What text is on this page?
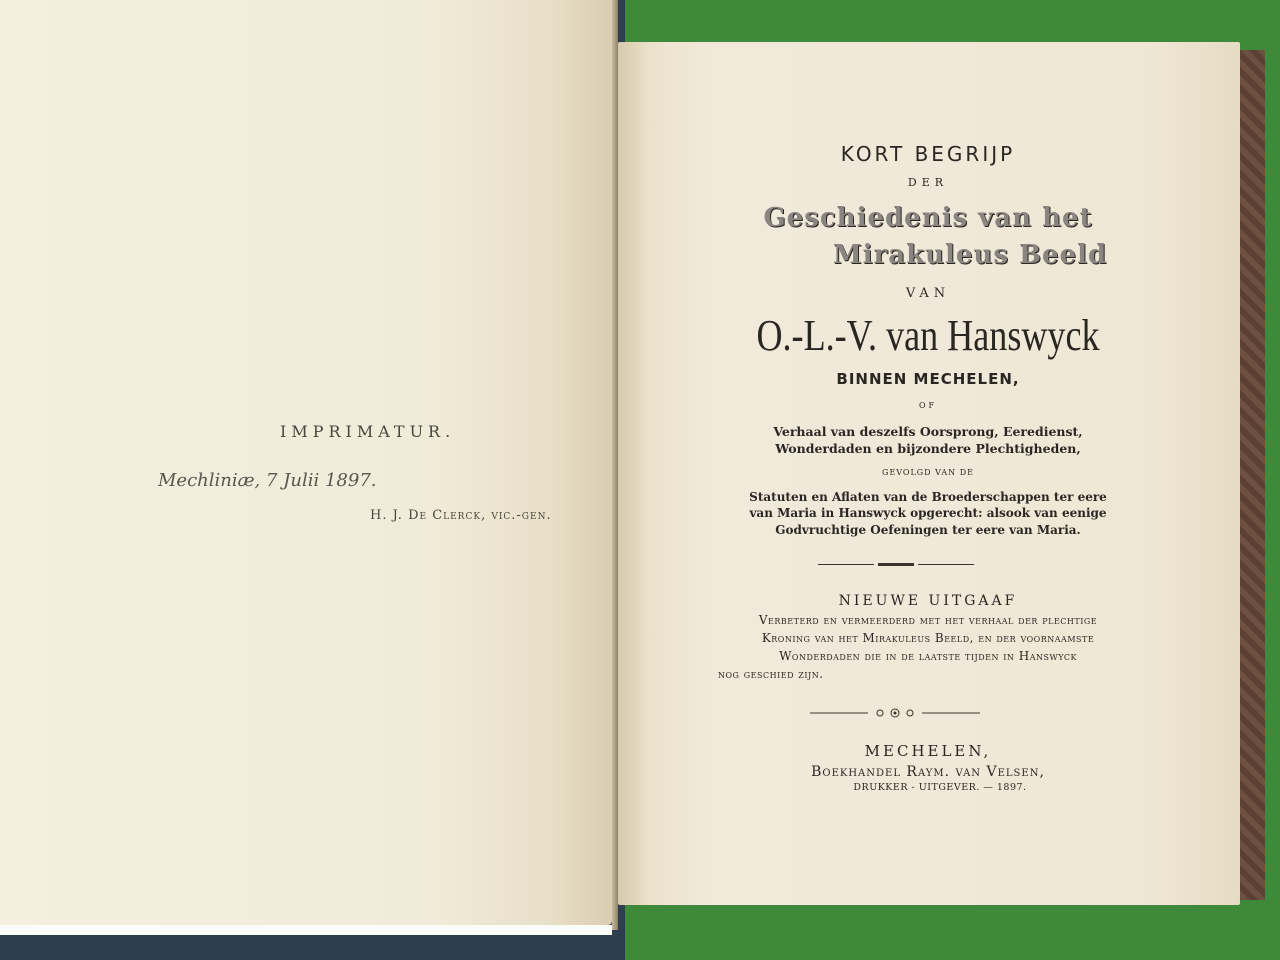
IMPRIMATUR.
Mechliniæ, 7 Julii 1897.
H. J. De Clerck, vic.-gen.
KORT BEGRIJP
DER
Geschiedenis van het
Mirakuleus Beeld
VAN
O.-L.-V. van Hanswyck
BINNEN MECHELEN,
OF
Verhaal van deszelfs Oorsprong, Eeredienst,
Wonderdaden en bijzondere Plechtigheden,
GEVOLGD VAN DE
Statuten en Aflaten van de Broederschappen ter eere
van Maria in Hanswyck opgerecht: alsook van eenige
Godvruchtige Oefeningen ter eere van Maria.
NIEUWE UITGAAF
Verbeterd en vermeerderd met het verhaal der plechtige
Kroning van het Mirakuleus Beeld, en der voornaamste
Wonderdaden die in de laatste tijden in Hanswyck
nog geschied zijn.
MECHELEN,
Boekhandel Raym. van Velsen,
DRUKKER - UITGEVER. — 1897.
